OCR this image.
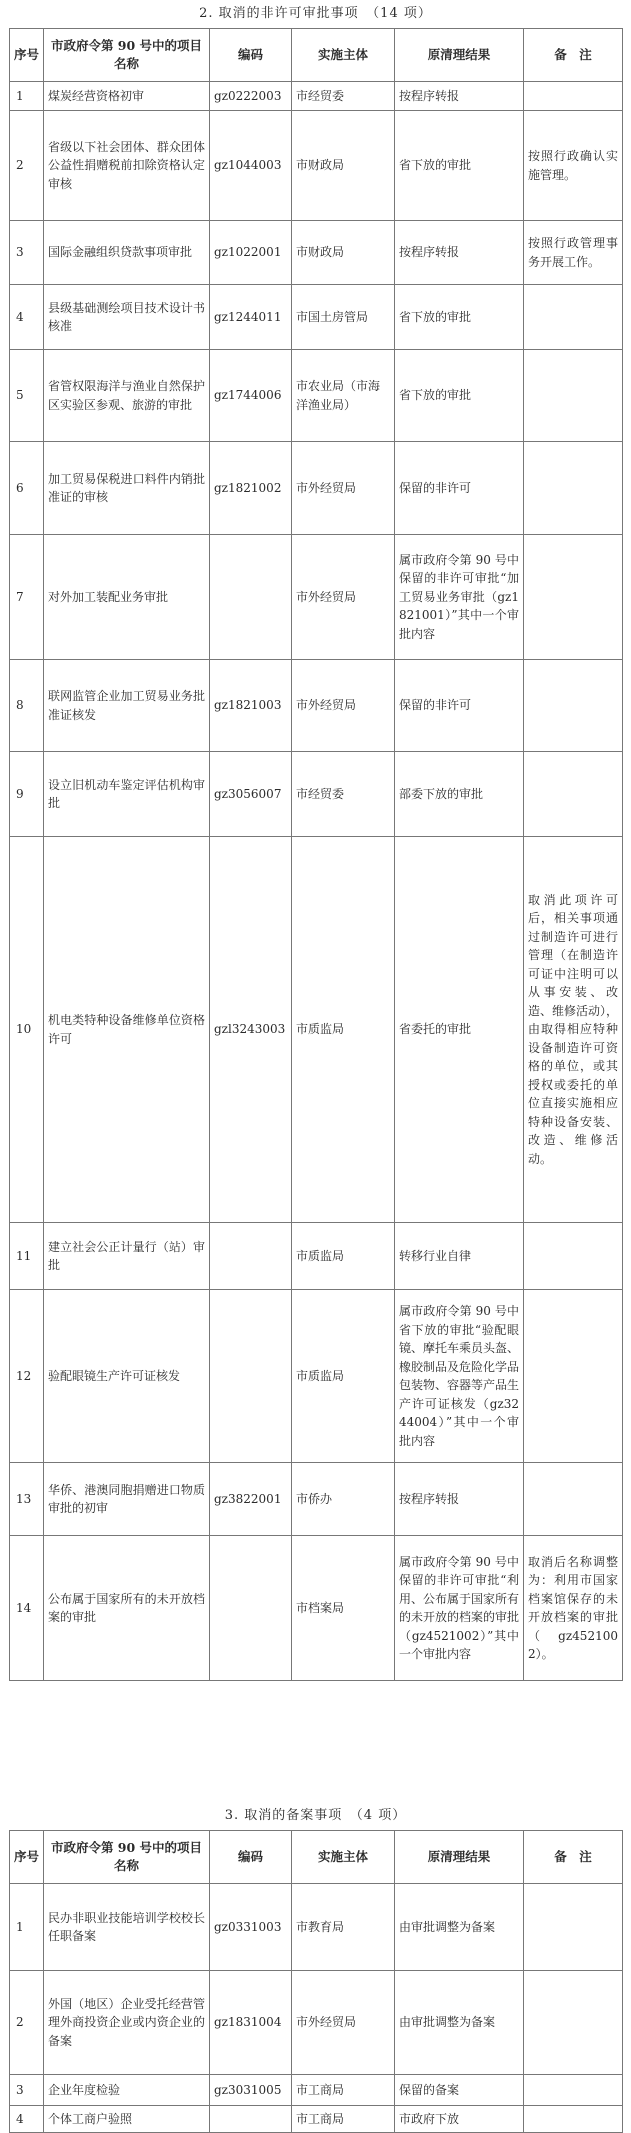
2. 取消的非许可审批事项　（14 项）
序号	市政府令第 90 号中的项目名称	编码	实施主体	原清理结果	备　注
1	煤炭经营资格初审	gz0222003	市经贸委	按程序转报	
2	省级以下社会团体、群众团体公益性捐赠税前扣除资格认定审核	gz1044003	市财政局	省下放的审批	按照行政确认实施管理。
3	国际金融组织贷款事项审批	gz1022001	市财政局	按程序转报	按照行政管理事务开展工作。
4	县级基础测绘项目技术设计书核准	gz1244011	市国土房管局	省下放的审批	
5	省管权限海洋与渔业自然保护区实验区参观、旅游的审批	gz1744006	市农业局（市海洋渔业局）	省下放的审批	
6	加工贸易保税进口料件内销批准证的审核	gz1821002	市外经贸局	保留的非许可	
7	对外加工装配业务审批		市外经贸局	属市政府令第 90 号中保留的非许可审批“加工贸易业务审批（gz1821001）”其中一个审批内容	
8	联网监管企业加工贸易业务批准证核发	gz1821003	市外经贸局	保留的非许可	
9	设立旧机动车鉴定评估机构审批	gz3056007	市经贸委	部委下放的审批	
10	机电类特种设备维修单位资格许可	gzl3243003	市质监局	省委托的审批	取消此项许可后，相关事项通过制造许可进行管理（在制造许可证中注明可以从事安装、改造、维修活动），由取得相应特种设备制造许可资格的单位，或其授权或委托的单位直接实施相应特种设备安装、改造、维修活动。
11	建立社会公正计量行（站）审批		市质监局	转移行业自律	
12	验配眼镜生产许可证核发		市质监局	属市政府令第 90 号中省下放的审批“验配眼镜、摩托车乘员头盔、橡胶制品及危险化学品包装物、容器等产品生产许可证核发（gz3244004）”其中一个审批内容	
13	华侨、港澳同胞捐赠进口物质审批的初审	gz3822001	市侨办	按程序转报	
14	公布属于国家所有的未开放档案的审批		市档案局	属市政府令第 90 号中保留的非许可审批“利用、公布属于国家所有的未开放的档案的审批（gz4521002）”其中一个审批内容	取消后名称调整为：利用市国家档案馆保存的未开放档案的审批（gz4521002）。
3. 取消的备案事项　（4 项）
序号	市政府令第 90 号中的项目名称	编码	实施主体	原清理结果	备　注
1	民办非职业技能培训学校校长任职备案	gz0331003	市教育局	由审批调整为备案	
2	外国（地区）企业受托经营管理外商投资企业或内资企业的备案	gz1831004	市外经贸局	由审批调整为备案	
3	企业年度检验	gz3031005	市工商局	保留的备案	
4	个体工商户验照		市工商局	市政府下放	
